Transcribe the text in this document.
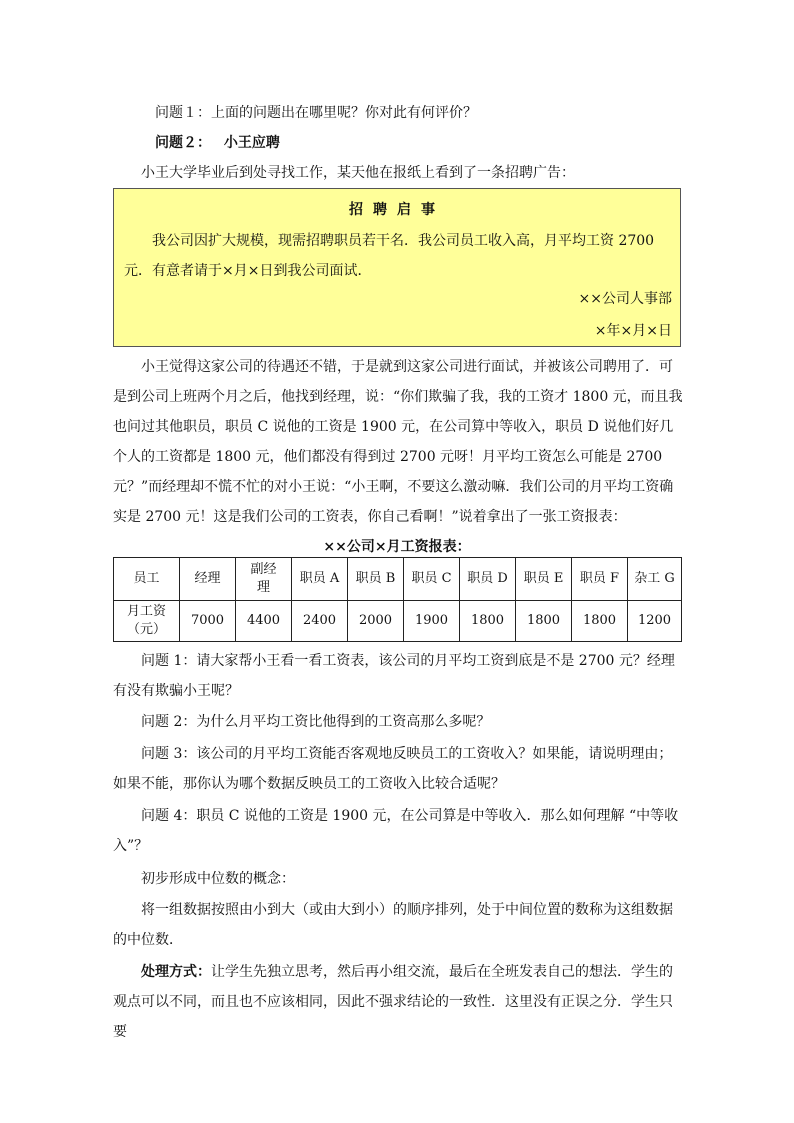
问题１：上面的问题出在哪里呢？你对此有何评价？

问题２： 小王应聘

小王大学毕业后到处寻找工作，某天他在报纸上看到了一条招聘广告：

招聘启事

我公司因扩大规模，现需招聘职员若干名．我公司员工收入高，月平均工资 2700 元．有意者请于×月×日到我公司面试．

××公司人事部
×年×月×日

小王觉得这家公司的待遇还不错，于是就到这家公司进行面试，并被该公司聘用了．可是到公司上班两个月之后，他找到经理，说：“你们欺骗了我，我的工资才 1800 元，而且我也问过其他职员，职员 C 说他的工资是 1900 元，在公司算中等收入，职员 D 说他们好几个人的工资都是 1800 元，他们都没有得到过 2700 元呀！月平均工资怎么可能是 2700 元？”而经理却不慌不忙的对小王说：“小王啊，不要这么激动嘛．我们公司的月平均工资确实是 2700 元！这是我们公司的工资表，你自己看啊！”说着拿出了一张工资报表：

××公司×月工资报表：
员工	经理	副经理	职员 A	职员 B	职员 C	职员 D	职员 E	职员 F	杂工 G
月工资（元）	7000	4400	2400	2000	1900	1800	1800	1800	1200

问题 1：请大家帮小王看一看工资表，该公司的月平均工资到底是不是 2700 元？经理有没有欺骗小王呢？

问题 2：为什么月平均工资比他得到的工资高那么多呢？

问题 3：该公司的月平均工资能否客观地反映员工的工资收入？如果能，请说明理由；如果不能，那你认为哪个数据反映员工的工资收入比较合适呢？

问题 4：职员 C 说他的工资是 1900 元，在公司算是中等收入．那么如何理解 “中等收入”？

初步形成中位数的概念：

将一组数据按照由小到大（或由大到小）的顺序排列，处于中间位置的数称为这组数据的中位数．

处理方式：让学生先独立思考，然后再小组交流，最后在全班发表自己的想法．学生的观点可以不同，而且也不应该相同，因此不强求结论的一致性．这里没有正误之分．学生只要
